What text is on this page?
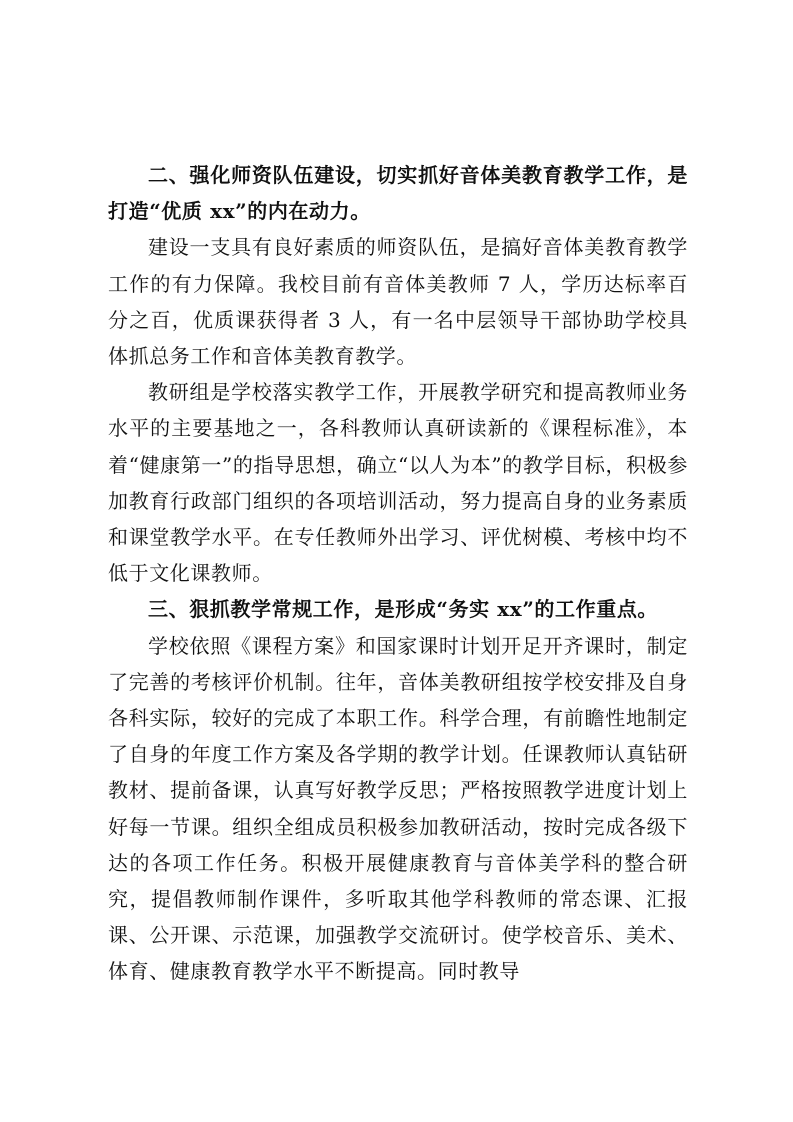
二、强化师资队伍建设，切实抓好音体美教育教学工作，是打造“优质 xx”的内在动力。

建设一支具有良好素质的师资队伍，是搞好音体美教育教学工作的有力保障。我校目前有音体美教师 7 人，学历达标率百分之百，优质课获得者 3 人，有一名中层领导干部协助学校具体抓总务工作和音体美教育教学。

教研组是学校落实教学工作，开展教学研究和提高教师业务水平的主要基地之一，各科教师认真研读新的《课程标准》，本着“健康第一”的指导思想，确立“以人为本”的教学目标，积极参加教育行政部门组织的各项培训活动，努力提高自身的业务素质和课堂教学水平。在专任教师外出学习、评优树模、考核中均不低于文化课教师。

三、狠抓教学常规工作，是形成“务实 xx”的工作重点。

学校依照《课程方案》和国家课时计划开足开齐课时，制定了完善的考核评价机制。往年，音体美教研组按学校安排及自身各科实际，较好的完成了本职工作。科学合理，有前瞻性地制定了自身的年度工作方案及各学期的教学计划。任课教师认真钻研教材、提前备课，认真写好教学反思；严格按照教学进度计划上好每一节课。组织全组成员积极参加教研活动，按时完成各级下达的各项工作任务。积极开展健康教育与音体美学科的整合研究，提倡教师制作课件，多听取其他学科教师的常态课、汇报课、公开课、示范课，加强教学交流研讨。使学校音乐、美术、体育、健康教育教学水平不断提高。同时教导
